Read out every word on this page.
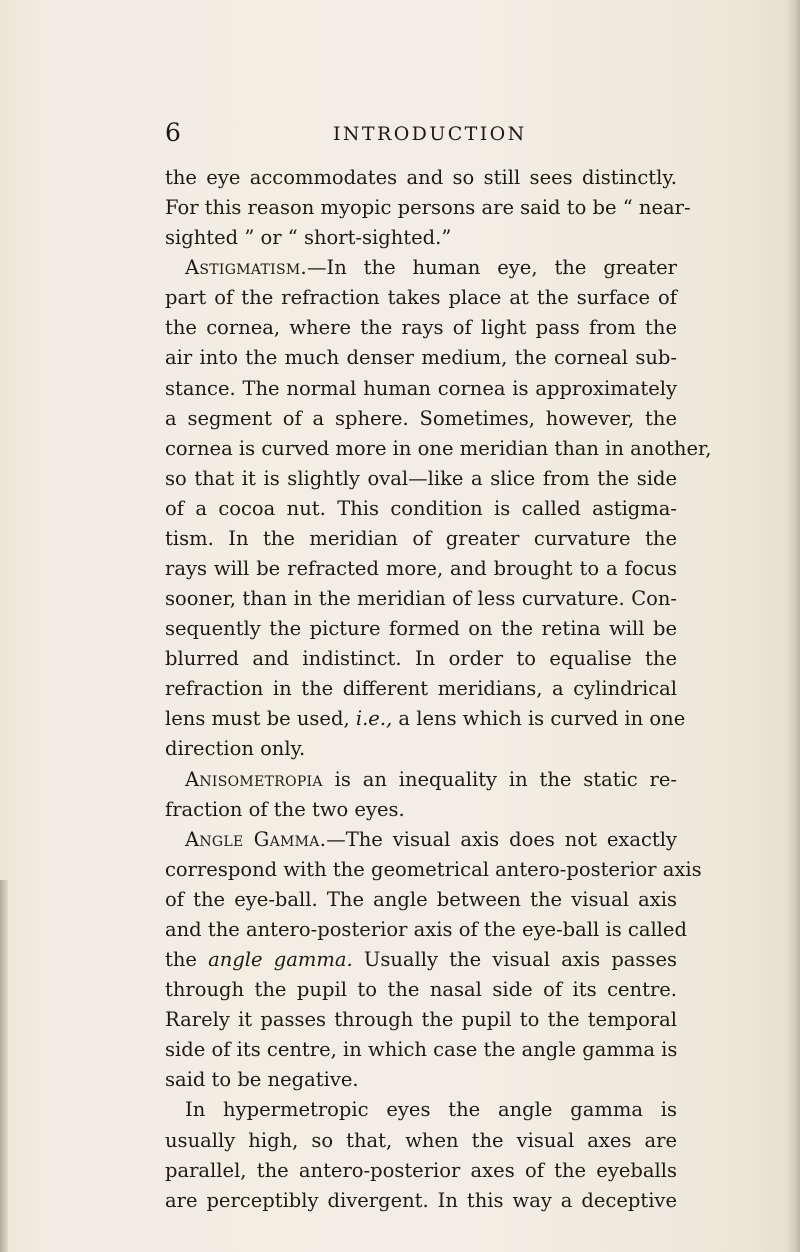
6	INTRODUCTION
the eye accommodates and so still sees distinctly.
For this reason myopic persons are said to be “ near-
sighted ” or “ short-sighted.”
Astigmatism.—In the human eye, the greater
part of the refraction takes place at the surface of
the cornea, where the rays of light pass from the
air into the much denser medium, the corneal sub-
stance. The normal human cornea is approximately
a segment of a sphere. Sometimes, however, the
cornea is curved more in one meridian than in another,
so that it is slightly oval—like a slice from the side
of a cocoa nut. This condition is called astigma-
tism. In the meridian of greater curvature the
rays will be refracted more, and brought to a focus
sooner, than in the meridian of less curvature. Con-
sequently the picture formed on the retina will be
blurred and indistinct. In order to equalise the
refraction in the different meridians, a cylindrical
lens must be used, i.e., a lens which is curved in one
direction only.
Anisometropia is an inequality in the static re-
fraction of the two eyes.
Angle Gamma.—The visual axis does not exactly
correspond with the geometrical antero-posterior axis
of the eye-ball. The angle between the visual axis
and the antero-posterior axis of the eye-ball is called
the angle gamma. Usually the visual axis passes
through the pupil to the nasal side of its centre.
Rarely it passes through the pupil to the temporal
side of its centre, in which case the angle gamma is
said to be negative.
In hypermetropic eyes the angle gamma is
usually high, so that, when the visual axes are
parallel, the antero-posterior axes of the eyeballs
are perceptibly divergent. In this way a deceptive
